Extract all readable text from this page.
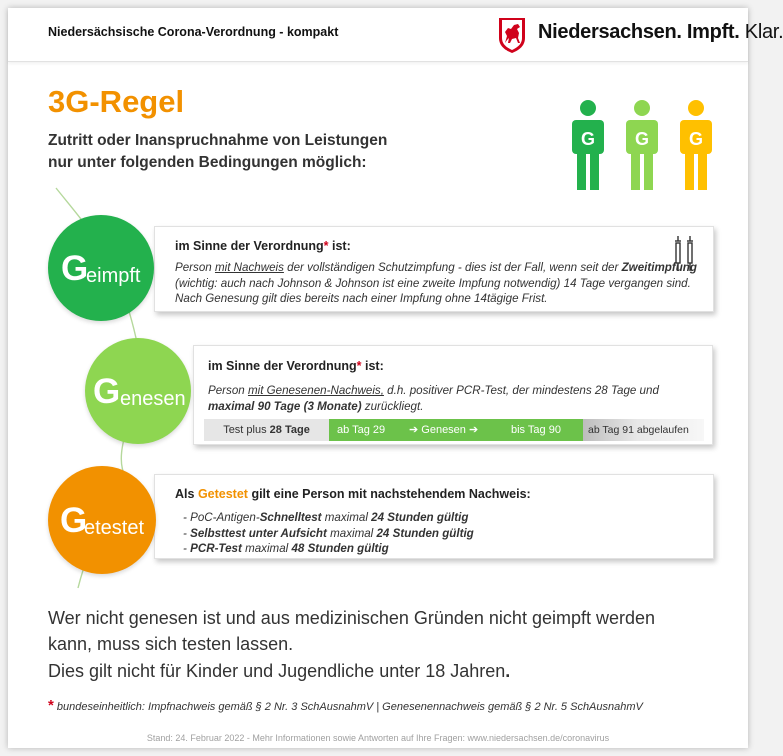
Niedersächsische Corona-Verordnung - kompakt	Niedersachsen. Impft. Klar.
3G-Regel
Zutritt oder Inanspruchnahme von Leistungen
nur unter folgenden Bedingungen möglich:
G G G
im Sinne der Verordnung* ist:
Person mit Nachweis der vollständigen Schutzimpfung - dies ist der Fall, wenn seit der Zweitimpfung (wichtig: auch nach Johnson & Johnson ist eine zweite Impfung notwendig) 14 Tage vergangen sind. Nach Genesung gilt dies bereits nach einer Impfung ohne 14tägige Frist.
im Sinne der Verordnung* ist:
Person mit Genesenen-Nachweis, d.h. positiver PCR-Test, der mindestens 28 Tage und maximal 90 Tage (3 Monate) zurückliegt.
Test plus 28 Tage	ab Tag 29 ➔ Genesen ➔	bis Tag 90	ab Tag 91 abgelaufen
Als Getestet gilt eine Person mit nachstehendem Nachweis:
- PoC-Antigen-Schnelltest maximal 24 Stunden gültig
- Selbsttest unter Aufsicht maximal 24 Stunden gültig
- PCR-Test maximal 48 Stunden gültig
G
eimpft
G enesen
G
etestet
Wer nicht genesen ist und aus medizinischen Gründen nicht geimpft werden
kann, muss sich testen lassen.
Dies gilt nicht für Kinder und Jugendliche unter 18 Jahren.
* bundeseinheitlich: Impfnachweis gemäß § 2 Nr. 3 SchAusnahmV | Genesenennachweis gemäß § 2 Nr. 5 SchAusnahmV
Stand: 24. Februar 2022 - Mehr Informationen sowie Antworten auf Ihre Fragen: www.niedersachsen.de/coronavirus
